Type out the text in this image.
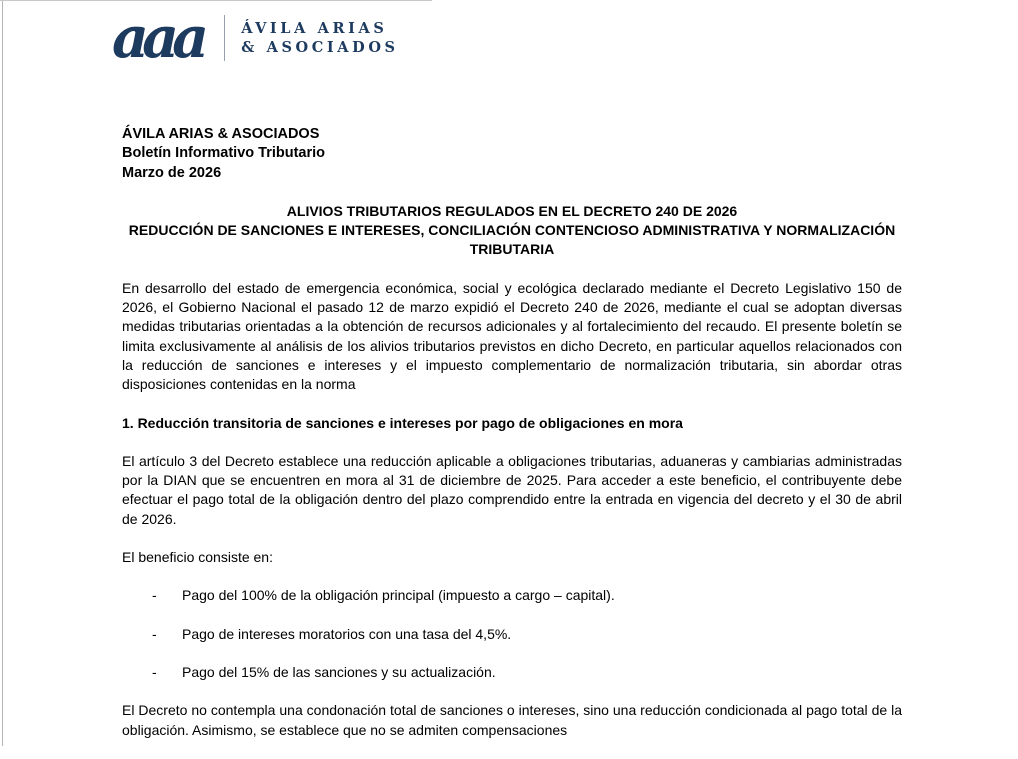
aaa	ÁVILA ARIAS
& ASOCIADOS
ÁVILA ARIAS & ASOCIADOS
Boletín Informativo Tributario
Marzo de 2026
ALIVIOS TRIBUTARIOS REGULADOS EN EL DECRETO 240 DE 2026
REDUCCIÓN DE SANCIONES E INTERESES, CONCILIACIÓN CONTENCIOSO ADMINISTRATIVA Y NORMALIZACIÓN TRIBUTARIA

En desarrollo del estado de emergencia económica, social y ecológica declarado mediante el Decreto Legislativo 150 de 2026, el Gobierno Nacional el pasado 12 de marzo expidió el Decreto 240 de 2026, mediante el cual se adoptan diversas medidas tributarias orientadas a la obtención de recursos adicionales y al fortalecimiento del recaudo. El presente boletín se limita exclusivamente al análisis de los alivios tributarios previstos en dicho Decreto, en particular aquellos relacionados con la reducción de sanciones e intereses y el impuesto complementario de normalización tributaria, sin abordar otras disposiciones contenidas en la norma

1. Reducción transitoria de sanciones e intereses por pago de obligaciones en mora

El artículo 3 del Decreto establece una reducción aplicable a obligaciones tributarias, aduaneras y cambiarias administradas por la DIAN que se encuentren en mora al 31 de diciembre de 2025. Para acceder a este beneficio, el contribuyente debe efectuar el pago total de la obligación dentro del plazo comprendido entre la entrada en vigencia del decreto y el 30 de abril de 2026.

El beneficio consiste en:

-	Pago del 100% de la obligación principal (impuesto a cargo – capital).
-	Pago de intereses moratorios con una tasa del 4,5%.
-	Pago del 15% de las sanciones y su actualización.

El Decreto no contempla una condonación total de sanciones o intereses, sino una reducción condicionada al pago total de la obligación. Asimismo, se establece que no se admiten compensaciones
